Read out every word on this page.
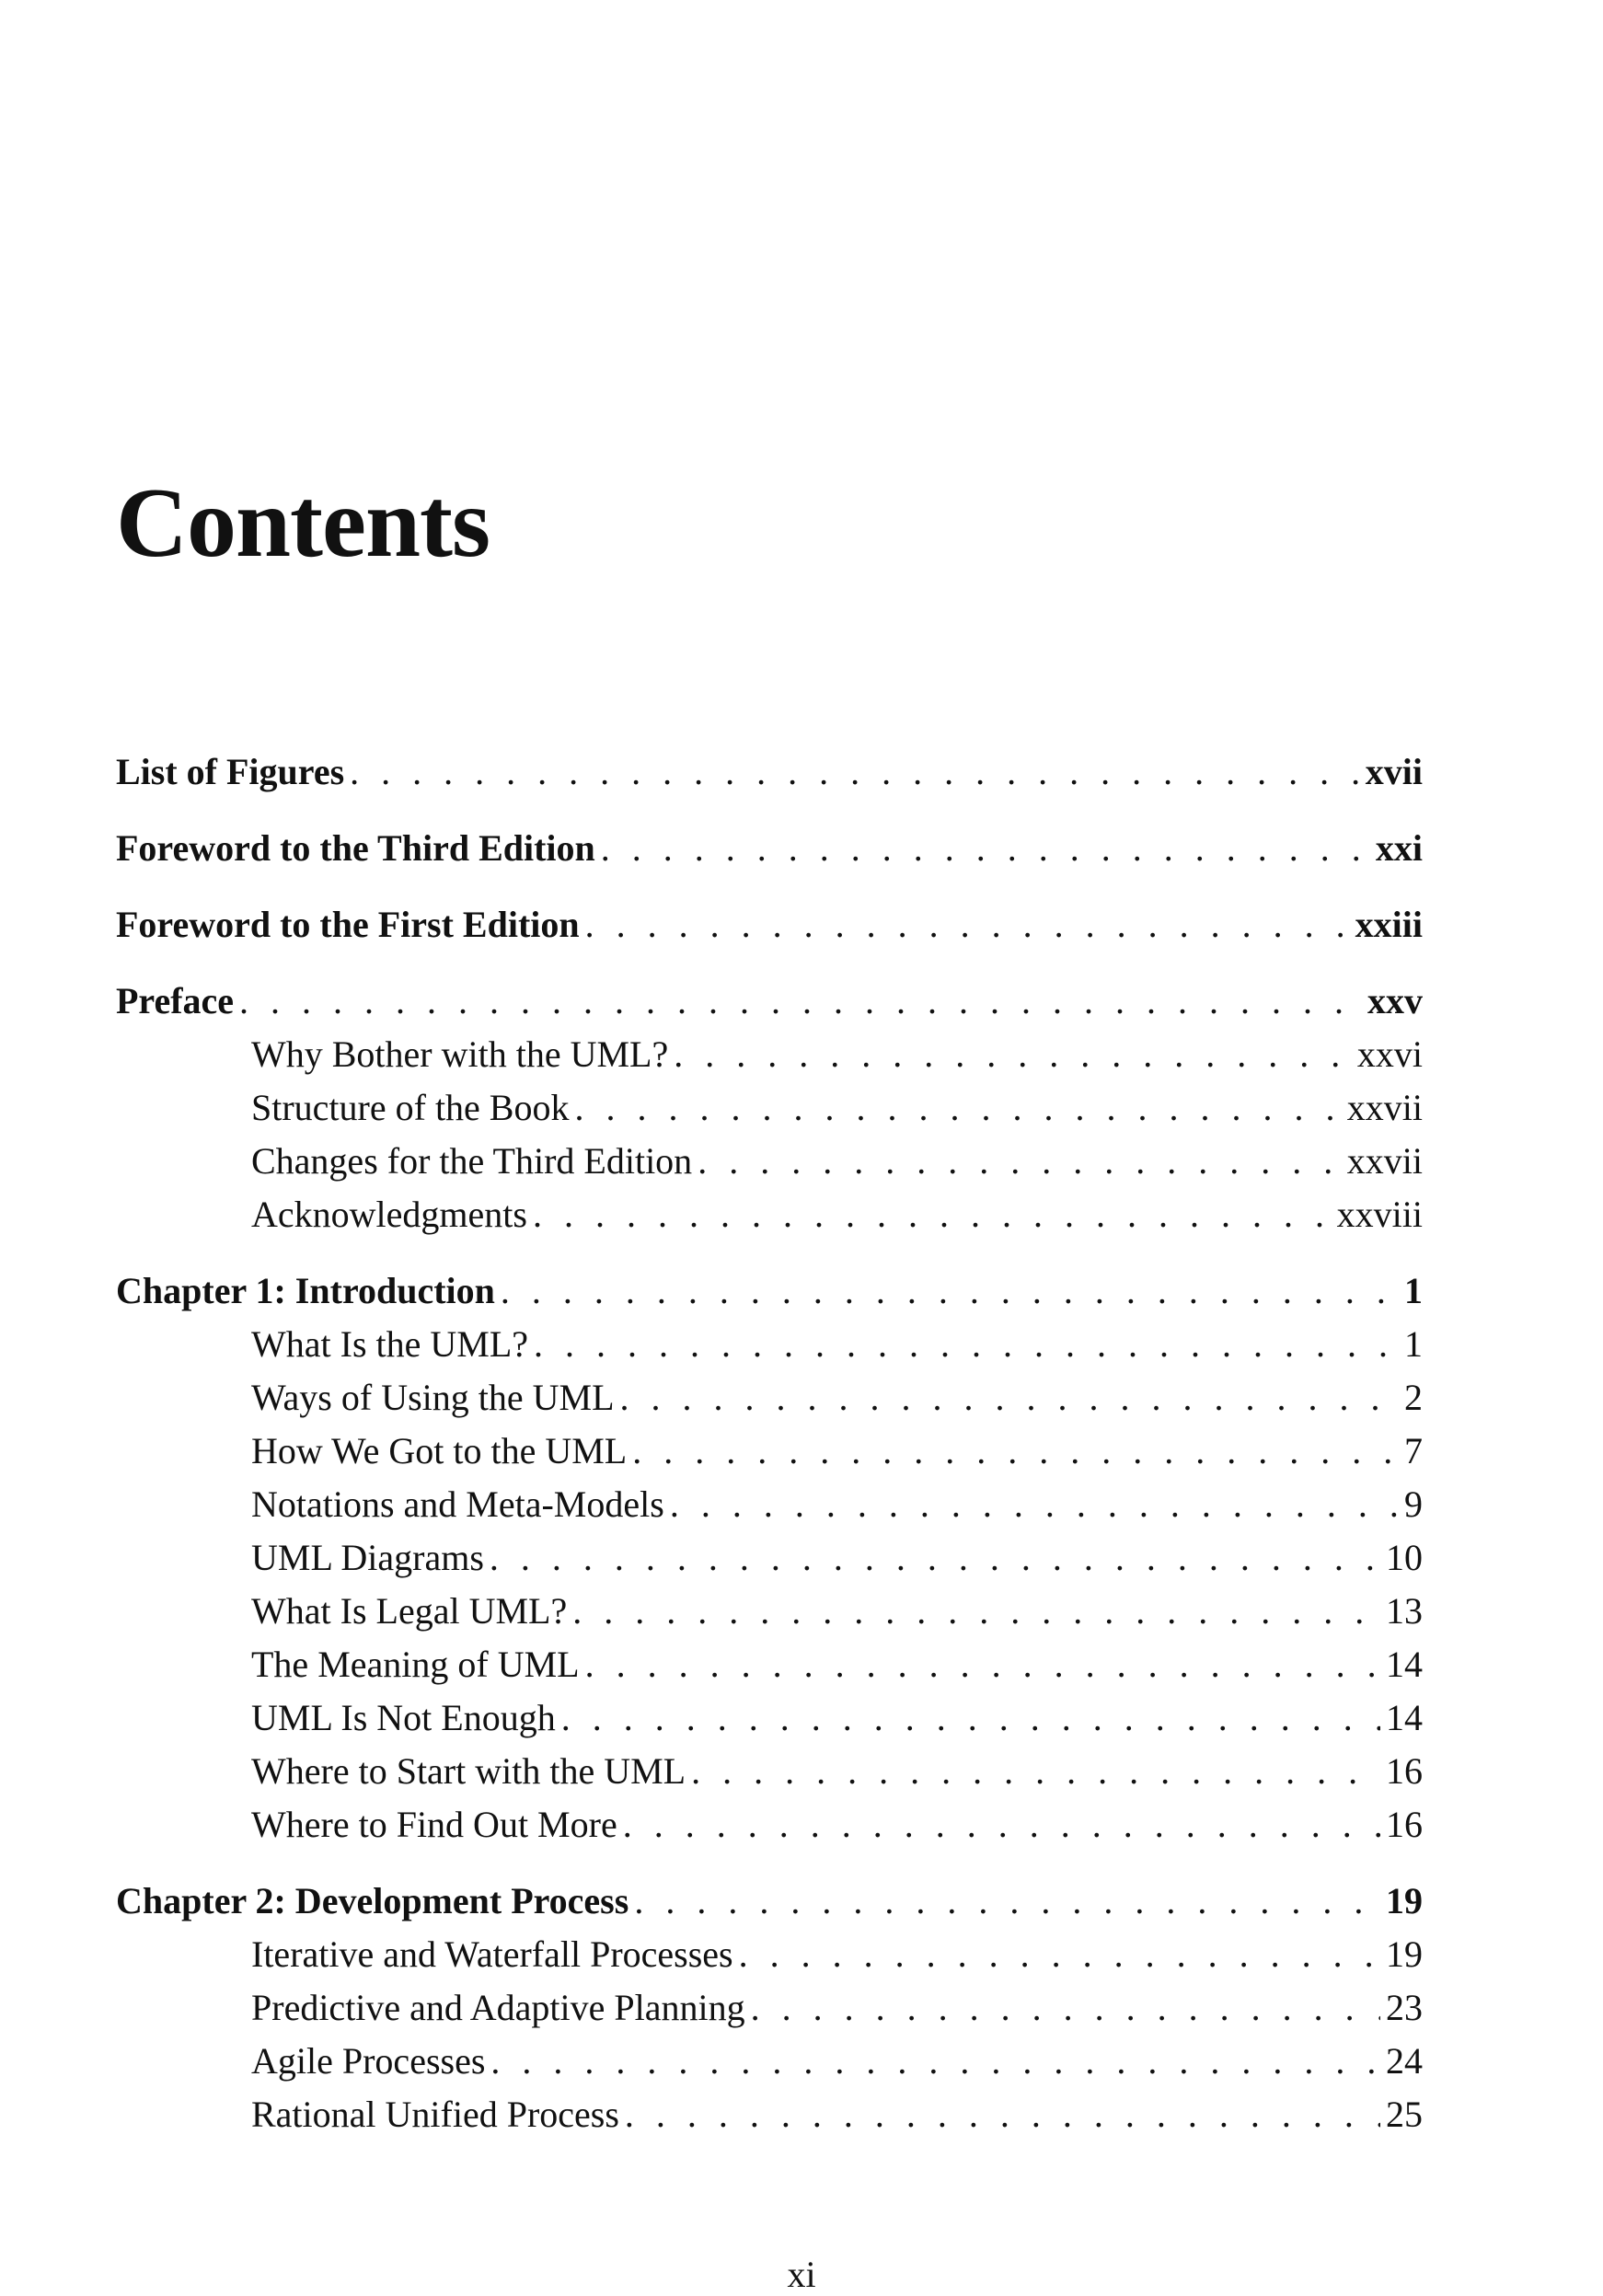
Contents
List of Figures . . .	xvii
Foreword to the Third Edition . . .	xxi
Foreword to the First Edition . . .	xxiii
Preface . . .	xxv
Why Bother with the UML? . . .	xxvi
Structure of the Book . . .	xxvii
Changes for the Third Edition . . .	xxvii
Acknowledgments . . .	xxviii
Chapter 1: Introduction . . .	1
What Is the UML? . . .	1
Ways of Using the UML . . .	2
How We Got to the UML . . .	7
Notations and Meta-Models . . .	9
UML Diagrams . . .	10
What Is Legal UML? . . .	13
The Meaning of UML . . .	14
UML Is Not Enough . . .	14
Where to Start with the UML . . .	16
Where to Find Out More . . .	16
Chapter 2: Development Process . . .	19
Iterative and Waterfall Processes . . .	19
Predictive and Adaptive Planning . . .	23
Agile Processes . . .	24
Rational Unified Process . . .	25
xi
